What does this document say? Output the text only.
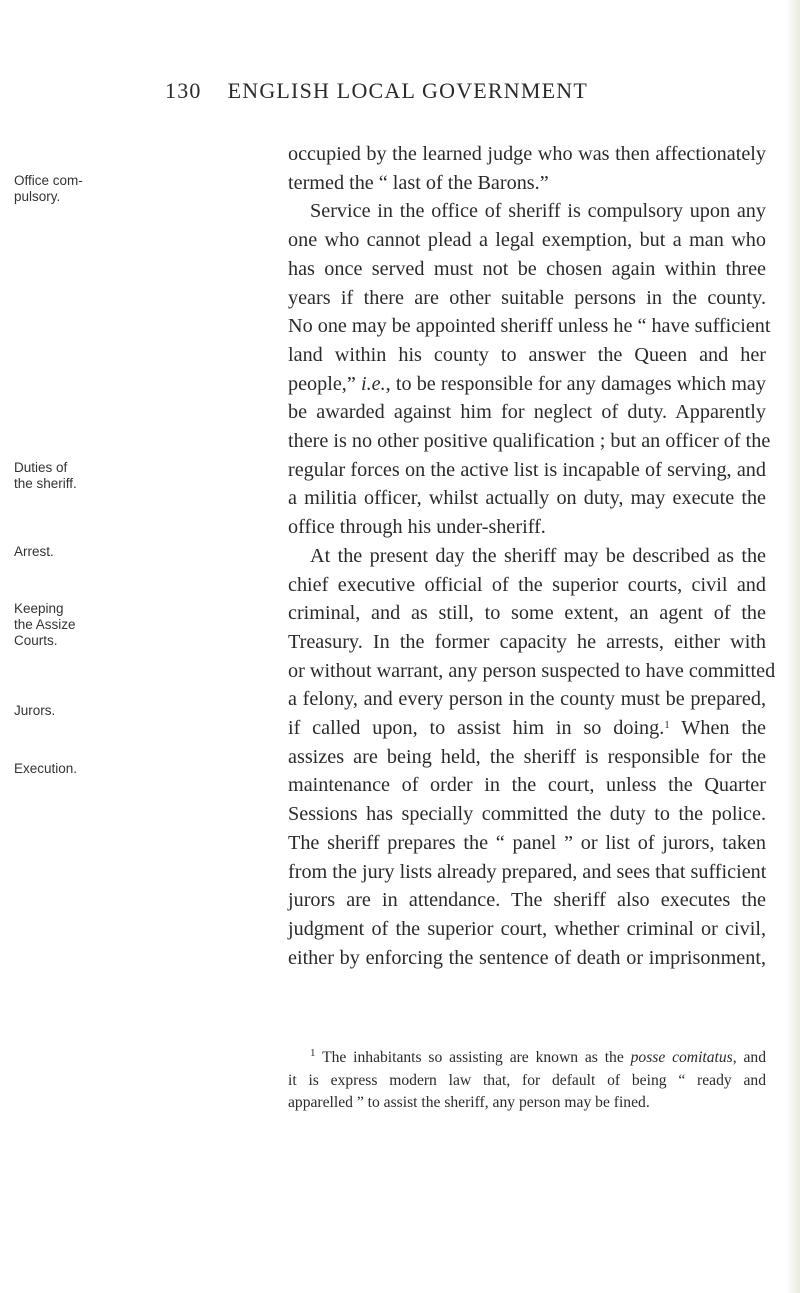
130 ENGLISH LOCAL GOVERNMENT
Office com-
pulsory.
Duties of
the sheriff.
Arrest.
Keeping
the Assize
Courts.
Jurors.
Execution.
occupied by the learned judge who was then affectionately
termed the “ last of the Barons.”
Service in the office of sheriff is compulsory upon any
one who cannot plead a legal exemption, but a man who
has once served must not be chosen again within three
years if there are other suitable persons in the county.
No one may be appointed sheriff unless he “ have sufficient
land within his county to answer the Queen and her
people,” i.e., to be responsible for any damages which may
be awarded against him for neglect of duty. Apparently
there is no other positive qualification ; but an officer of the
regular forces on the active list is incapable of serving, and
a militia officer, whilst actually on duty, may execute the
office through his under-sheriff.
At the present day the sheriff may be described as the
chief executive official of the superior courts, civil and
criminal, and as still, to some extent, an agent of the
Treasury. In the former capacity he arrests, either with
or without warrant, any person suspected to have committed
a felony, and every person in the county must be prepared,
if called upon, to assist him in so doing.$^1$ When the
assizes are being held, the sheriff is responsible for the
maintenance of order in the court, unless the Quarter
Sessions has specially committed the duty to the police.
The sheriff prepares the “ panel ” or list of jurors, taken
from the jury lists already prepared, and sees that sufficient
jurors are in attendance. The sheriff also executes the
judgment of the superior court, whether criminal or civil,
either by enforcing the sentence of death or imprisonment,
$^1$ The inhabitants so assisting are known as the posse comitatus, and
it is express modern law that, for default of being “ ready and
apparelled ” to assist the sheriff, any person may be fined.
